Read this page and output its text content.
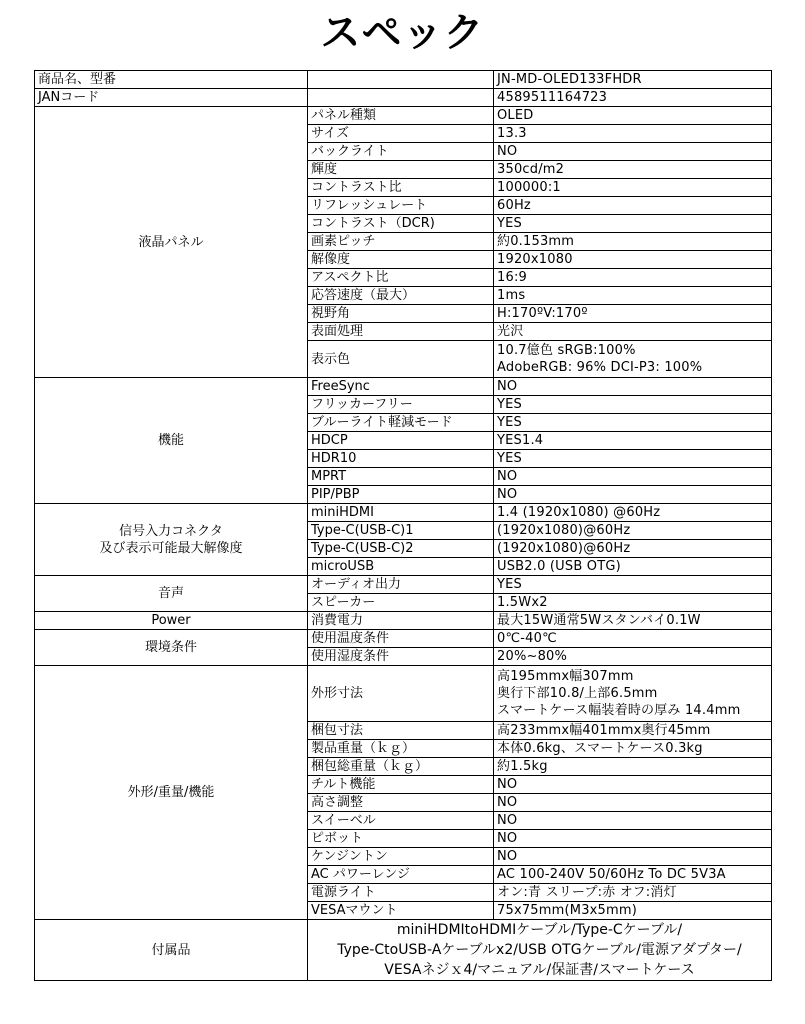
スペック
商品名、型番		JN-MD-OLED133FHDR
JANコード		4589511164723

液晶パネル	パネル種類	OLED
	サイズ	13.3
	バックライト	NO
	輝度	350cd/m2
	コントラスト比	100000:1
	リフレッシュレート	60Hz
	コントラスト（DCR)	YES
	画素ピッチ	約0.153mm
	解像度	1920x1080
	アスペクト比	16:9
	応答速度（最大）	1ms
	視野角	H:170ºV:170º
	表面処理	光沢
	表示色	10.7億色 sRGB:100%
AdobeRGB: 96% DCI-P3: 100%

機能	FreeSync	NO
	フリッカーフリー	YES
	ブルーライト軽減モード	YES
	HDCP	YES1.4
	HDR10	YES
	MPRT	NO
	PIP/PBP	NO

信号入力コネクタ
及び表示可能最大解像度	miniHDMI	1.4 (1920x1080) @60Hz
	Type-C(USB-C)1	(1920x1080)@60Hz
	Type-C(USB-C)2	(1920x1080)@60Hz
	microUSB	USB2.0 (USB OTG)

音声	オーディオ出力	YES
	スピーカー	1.5Wx2

Power	消費電力	最大15W通常5Wスタンバイ0.1W

環境条件	使用温度条件	0℃-40℃
	使用湿度条件	20%~80%

外形/重量/機能	外形寸法	高195mmx幅307mm
奥行下部10.8/上部6.5mm
スマートケース幅装着時の厚み 14.4mm

	梱包寸法	高233mmx幅401mmx奥行45mm
	製品重量（ｋｇ）	本体0.6kg、スマートケース0.3kg
	梱包総重量（ｋｇ）	約1.5kg
	チルト機能	NO
	高さ調整	NO
	スイーベル	NO
	ピボット	NO
	ケンジントン	NO
	AC パワーレンジ	AC 100-240V 50/60Hz To DC 5V3A
	電源ライト	オン:青 スリープ:赤 オフ:消灯
	VESAマウント	75x75mm(M3x5mm)

付属品	miniHDMItoHDMIケーブル/Type-Cケーブル/
Type-CtoUSB-Aケーブルx2/USB OTGケーブル/電源アダプター/
VESAネジｘ4/マニュアル/保証書/スマートケース	
